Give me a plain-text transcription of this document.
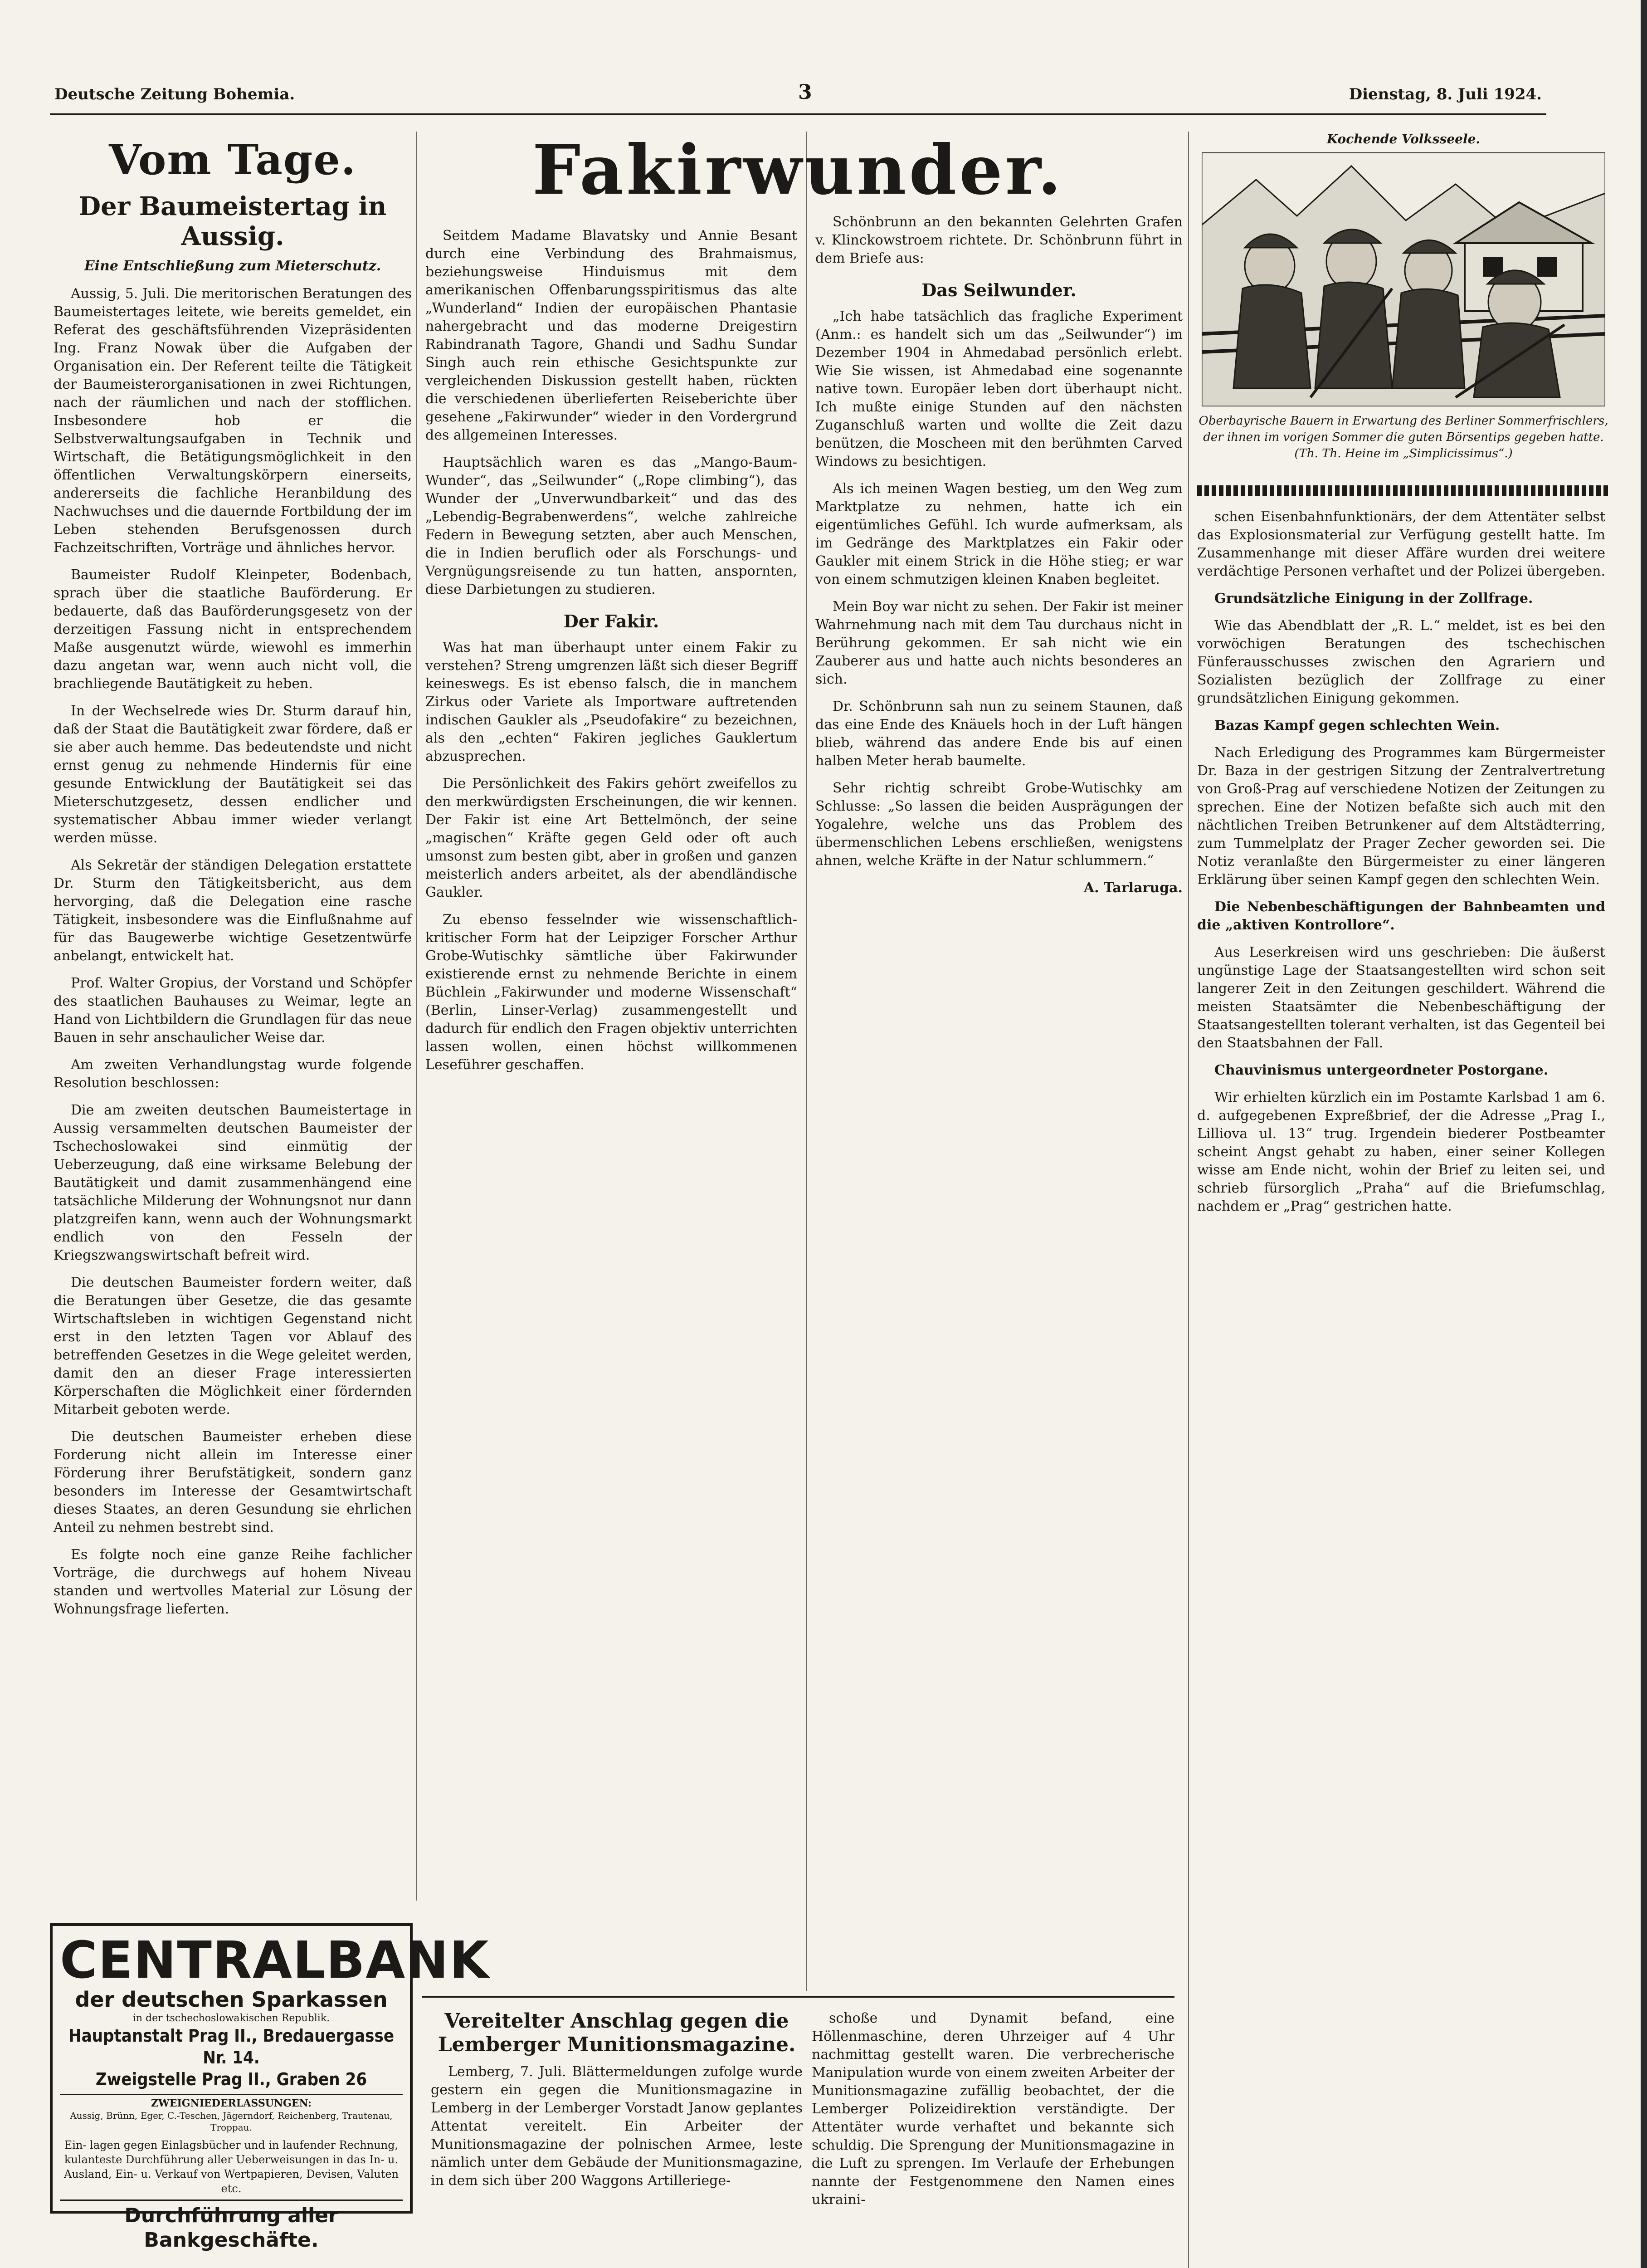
Deutsche Zeitung Bohemia.	3	Dienstag, 8. Juli 1924.
Vom Tage.
Der Baumeistertag in Aussig.
Eine Entschließung zum Mieterschutz.

Aussig, 5. Juli. Die meritorischen Beratungen des Baumeistertages leitete, wie bereits gemeldet, ein Referat des geschäftsführenden Vizepräsidenten Ing. Franz Nowak über die Aufgaben der Organisation ein. Der Referent teilte die Tätigkeit der Baumeisterorganisationen in zwei Richtungen, nach der räumlichen und nach der stofflichen. Insbesondere hob er die Selbstverwaltungsaufgaben in Technik und Wirtschaft, die Betätigungsmöglichkeit in den öffentlichen Verwaltungskörpern einerseits, andererseits die fachliche Heranbildung des Nachwuchses und die dauernde Fortbildung der im Leben stehenden Berufsgenossen durch Fachzeitschriften, Vorträge und ähnliches hervor.

Baumeister Rudolf Kleinpeter, Bodenbach, sprach über die staatliche Bauförderung. Er bedauerte, daß das Bauförderungsgesetz von der derzeitigen Fassung nicht in entsprechendem Maße ausgenutzt würde, wiewohl es immerhin dazu angetan war, wenn auch nicht voll, die brachliegende Bautätigkeit zu heben.

In der Wechselrede wies Dr. Sturm darauf hin, daß der Staat die Bautätigkeit zwar fördere, daß er sie aber auch hemme. Das bedeutendste und nicht ernst genug zu nehmende Hindernis für eine gesunde Entwicklung der Bautätigkeit sei das Mieterschutzgesetz, dessen endlicher und systematischer Abbau immer wieder verlangt werden müsse.

Als Sekretär der ständigen Delegation erstattete Dr. Sturm den Tätigkeitsbericht, aus dem hervorging, daß die Delegation eine rasche Tätigkeit, insbesondere was die Einflußnahme auf für das Baugewerbe wichtige Gesetzentwürfe anbelangt, entwickelt hat.

Prof. Walter Gropius, der Vorstand und Schöpfer des staatlichen Bauhauses zu Weimar, legte an Hand von Lichtbildern die Grundlagen für das neue Bauen in sehr anschaulicher Weise dar.

Am zweiten Verhandlungstag wurde folgende Resolution beschlossen:

Die am zweiten deutschen Baumeistertage in Aussig versammelten deutschen Baumeister der Tschechoslowakei sind einmütig der Ueberzeugung, daß eine wirksame Belebung der Bautätigkeit und damit zusammenhängend eine tatsächliche Milderung der Wohnungsnot nur dann platzgreifen kann, wenn auch der Wohnungsmarkt endlich von den Fesseln der Kriegszwangswirtschaft befreit wird.

Die deutschen Baumeister fordern weiter, daß die Beratungen über Gesetze, die das gesamte Wirtschaftsleben in wichtigen Gegenstand nicht erst in den letzten Tagen vor Ablauf des betreffenden Gesetzes in die Wege geleitet werden, damit den an dieser Frage interessierten Körperschaften die Möglichkeit einer fördernden Mitarbeit geboten werde.

Die deutschen Baumeister erheben diese Forderung nicht allein im Interesse einer Förderung ihrer Berufstätigkeit, sondern ganz besonders im Interesse der Gesamtwirtschaft dieses Staates, an deren Gesundung sie ehrlichen Anteil zu nehmen bestrebt sind.

Es folgte noch eine ganze Reihe fachlicher Vorträge, die durchwegs auf hohem Niveau standen und wertvolles Material zur Lösung der Wohnungsfrage lieferten.

CENTRALBANK
der deutschen Sparkassen
in der tschechoslowakischen Republik.
Hauptanstalt Prag II., Bredauergasse Nr. 14.
Zweigstelle Prag II., Graben 26
ZWEIGNIEDERLASSUNGEN:
Aussig, Brünn, Eger, C.-Teschen, Jägerndorf, Reichenberg, Trautenau, Troppau.
Ein- lagen gegen Einlagsbücher und in laufender Rechnung, kulanteste Durchführung aller Ueberweisungen in das In- u. Ausland, Ein- u. Verkauf von Wertpapieren, Devisen, Valuten etc.
Durchführung aller Bankgeschäfte.
Fakirwunder.

Seitdem Madame Blavatsky und Annie Besant durch eine Verbindung des Brahmaismus, beziehungsweise Hinduismus mit dem amerikanischen Offenbarungsspiritismus das alte „Wunderland“ Indien der europäischen Phantasie nahergebracht und das moderne Dreigestirn Rabindranath Tagore, Ghandi und Sadhu Sundar Singh auch rein ethische Gesichtspunkte zur vergleichenden Diskussion gestellt haben, rückten die verschiedenen überlieferten Reiseberichte über gesehene „Fakirwunder“ wieder in den Vordergrund des allgemeinen Interesses.

Hauptsächlich waren es das „Mango-Baum-Wunder“, das „Seilwunder“ („Rope climbing“), das Wunder der „Unverwundbarkeit“ und das des „Lebendig-Begrabenwerdens“, welche zahlreiche Federn in Bewegung setzten, aber auch Menschen, die in Indien beruflich oder als Forschungs- und Vergnügungsreisende zu tun hatten, anspornten, diese Darbietungen zu studieren.

Der Fakir.

Was hat man überhaupt unter einem Fakir zu verstehen? Streng umgrenzen läßt sich dieser Begriff keineswegs. Es ist ebenso falsch, die in manchem Zirkus oder Variete als Importware auftretenden indischen Gaukler als „Pseudofakire“ zu bezeichnen, als den „echten“ Fakiren jegliches Gauklertum abzusprechen.

Die Persönlichkeit des Fakirs gehört zweifellos zu den merkwürdigsten Erscheinungen, die wir kennen. Der Fakir ist eine Art Bettelmönch, der seine „magischen“ Kräfte gegen Geld oder oft auch umsonst zum besten gibt, aber in großen und ganzen meisterlich anders arbeitet, als der abendländische Gaukler.

Zu ebenso fesselnder wie wissenschaftlich-kritischer Form hat der Leipziger Forscher Arthur Grobe-Wutischky sämtliche über Fakirwunder existierende ernst zu nehmende Berichte in einem Büchlein „Fakirwunder und moderne Wissenschaft“ (Berlin, Linser-Verlag) zusammengestellt und dadurch für endlich den Fragen objektiv unterrichten lassen wollen, einen höchst willkommenen Leseführer geschaffen.

Schönbrunn an den bekannten Gelehrten Grafen v. Klinckowstroem richtete. Dr. Schönbrunn führt in dem Briefe aus:

Das Seilwunder.

„Ich habe tatsächlich das fragliche Experiment (Anm.: es handelt sich um das „Seilwunder“) im Dezember 1904 in Ahmedabad persönlich erlebt. Wie Sie wissen, ist Ahmedabad eine sogenannte native town. Europäer leben dort überhaupt nicht. Ich mußte einige Stunden auf den nächsten Zuganschluß warten und wollte die Zeit dazu benützen, die Moscheen mit den berühmten Carved Windows zu besichtigen.

Als ich meinen Wagen bestieg, um den Weg zum Marktplatze zu nehmen, hatte ich ein eigentümliches Gefühl. Ich wurde aufmerksam, als im Gedränge des Marktplatzes ein Fakir oder Gaukler mit einem Strick in die Höhe stieg; er war von einem schmutzigen kleinen Knaben begleitet.

Mein Boy war nicht zu sehen. Der Fakir ist meiner Wahrnehmung nach mit dem Tau durchaus nicht in Berührung gekommen. Er sah nicht wie ein Zauberer aus und hatte auch nichts besonderes an sich.

Dr. Schönbrunn sah nun zu seinem Staunen, daß das eine Ende des Knäuels hoch in der Luft hängen blieb, während das andere Ende bis auf einen halben Meter herab baumelte.

Sehr richtig schreibt Grobe-Wutischky am Schlusse: „So lassen die beiden Ausprägungen der Yogalehre, welche uns das Problem des übermenschlichen Lebens erschließen, wenigstens ahnen, welche Kräfte in der Natur schlummern.“

A. Tarlaruga.

Vereitelter Anschlag gegen die Lemberger Munitionsmagazine.

Lemberg, 7. Juli. Blättermeldungen zufolge wurde gestern ein gegen die Munitionsmagazine in Lemberg in der Lemberger Vorstadt Janow geplantes Attentat vereitelt. Ein Arbeiter der Munitionsmagazine der polnischen Armee, leste nämlich unter dem Gebäude der Munitionsmagazine, in dem sich über 200 Waggons Artilleriege-

schoße und Dynamit befand, eine Höllenmaschine, deren Uhrzeiger auf 4 Uhr nachmittag gestellt waren. Die verbrecherische Manipulation wurde von einem zweiten Arbeiter der Munitionsmagazine zufällig beobachtet, der die Lemberger Polizeidirektion verständigte. Der Attentäter wurde verhaftet und bekannte sich schuldig. Die Sprengung der Munitionsmagazine in die Luft zu sprengen. Im Verlaufe der Erhebungen nannte der Festgenommene den Namen eines ukraini-

Kochende Volksseele.
Oberbayrische Bauern in Erwartung des Berliner Sommerfrischlers, der ihnen im vorigen Sommer die guten Börsentips gegeben hatte. (Th. Th. Heine im „Simplicissimus“.)

schen Eisenbahnfunktionärs, der dem Attentäter selbst das Explosionsmaterial zur Verfügung gestellt hatte. Im Zusammenhange mit dieser Affäre wurden drei weitere verdächtige Personen verhaftet und der Polizei übergeben.

Grundsätzliche Einigung in der Zollfrage.

Wie das Abendblatt der „R. L.“ meldet, ist es bei den vorwöchigen Beratungen des tschechischen Fünferausschusses zwischen den Agrariern und Sozialisten bezüglich der Zollfrage zu einer grundsätzlichen Einigung gekommen.

Bazas Kampf gegen schlechten Wein.

Nach Erledigung des Programmes kam Bürgermeister Dr. Baza in der gestrigen Sitzung der Zentralvertretung von Groß-Prag auf verschiedene Notizen der Zeitungen zu sprechen. Eine der Notizen befaßte sich auch mit den nächtlichen Treiben Betrunkener auf dem Altstädterring, zum Tummelplatz der Prager Zecher geworden sei. Die Notiz veranlaßte den Bürgermeister zu einer längeren Erklärung über seinen Kampf gegen den schlechten Wein.

Die Nebenbeschäftigungen der Bahnbeamten und die „aktiven Kontrollore“.

Aus Leserkreisen wird uns geschrieben: Die äußerst ungünstige Lage der Staatsangestellten wird schon seit langerer Zeit in den Zeitungen geschildert. Während die meisten Staatsämter die Nebenbeschäftigung der Staatsangestellten tolerant verhalten, ist das Gegenteil bei den Staatsbahnen der Fall.

Chauvinismus untergeordneter Postorgane.

Wir erhielten kürzlich ein im Postamte Karlsbad 1 am 6. d. aufgegebenen Expreßbrief, der die Adresse „Prag I., Lilliova ul. 13“ trug. Irgendein biederer Postbeamter scheint Angst gehabt zu haben, einer seiner Kollegen wisse am Ende nicht, wohin der Brief zu leiten sei, und schrieb fürsorglich „Praha“ auf die Briefumschlag, nachdem er „Prag“ gestrichen hatte.
